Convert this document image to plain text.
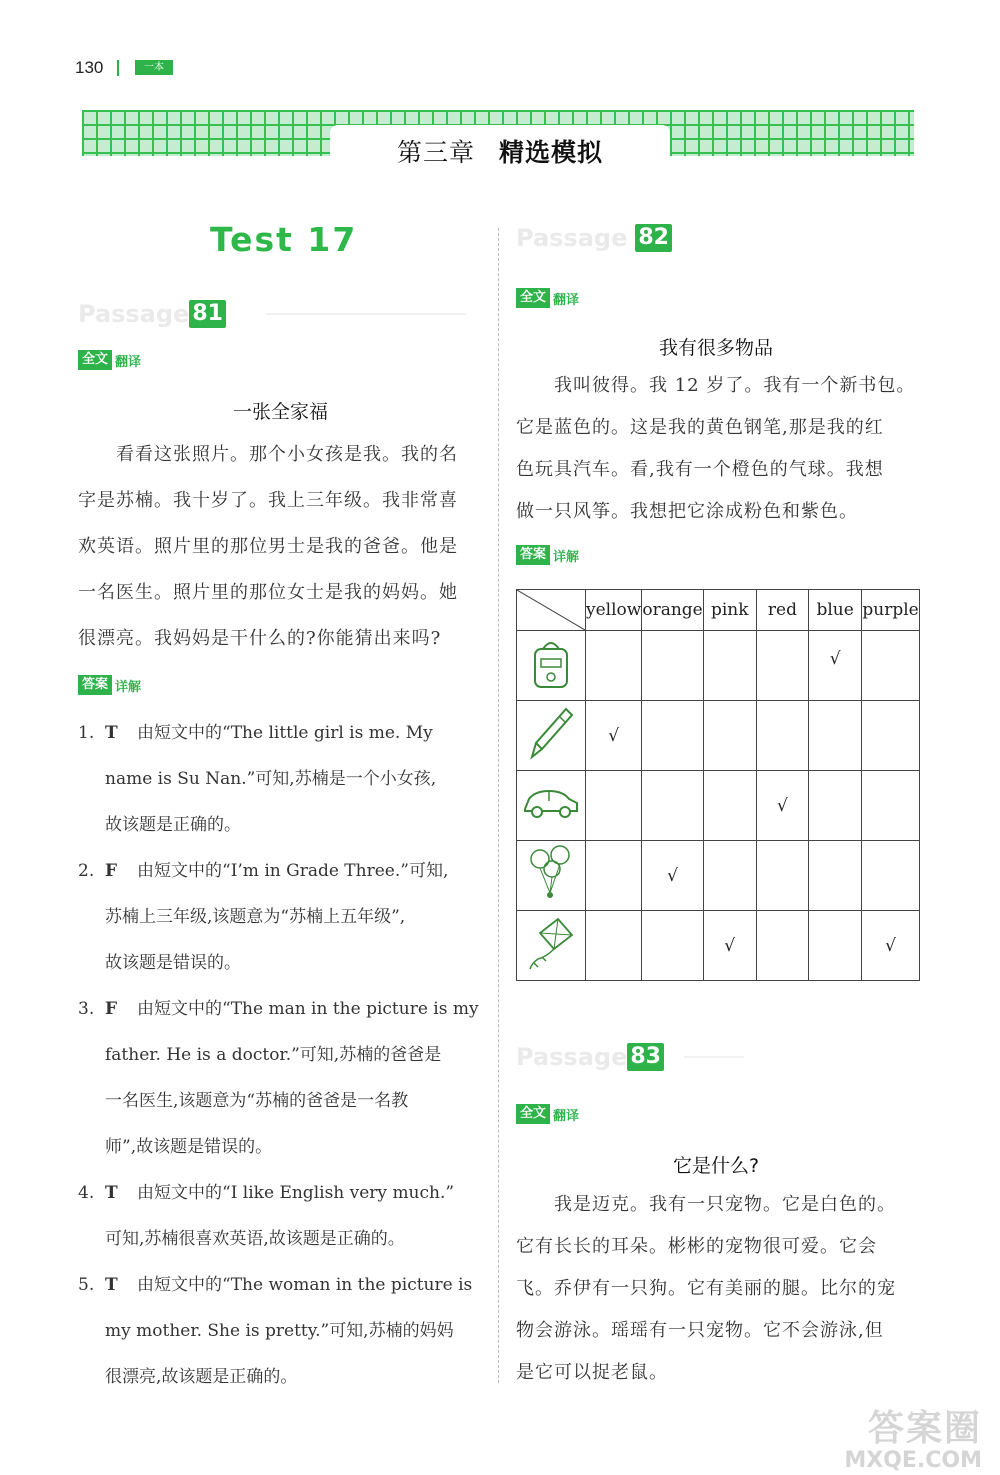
130	一本
第三章 精选模拟
Test 17
Passage 81
全文 翻译
一张全家福
看看这张照片。那个小女孩是我。我的名
字是苏楠。我十岁了。我上三年级。我非常喜
欢英语。照片里的那位男士是我的爸爸。他是
一名医生。照片里的那位女士是我的妈妈。她
很漂亮。我妈妈是干什么的?你能猜出来吗?
答案 详解
1. T 由短文中的“The little girl is me. My
name is Su Nan.”可知,苏楠是一个小女孩,
故该题是正确的。
2. F 由短文中的“I’m in Grade Three.”可知,
苏楠上三年级,该题意为“苏楠上五年级”,
故该题是错误的。
3. F 由短文中的“The man in the picture is my
father. He is a doctor.”可知,苏楠的爸爸是
一名医生,该题意为“苏楠的爸爸是一名教
师”,故该题是错误的。
4. T 由短文中的“I like English very much.”
可知,苏楠很喜欢英语,故该题是正确的。
5. T 由短文中的“The woman in the picture is
my mother. She is pretty.”可知,苏楠的妈妈
很漂亮,故该题是正确的。
Passage 82
全文 翻译
我有很多物品
我叫彼得。我 12 岁了。我有一个新书包。
它是蓝色的。这是我的黄色钢笔,那是我的红
色玩具汽车。看,我有一个橙色的气球。我想
做一只风筝。我想把它涂成粉色和紫色。
答案 详解
	yellow	orange	pink	red	blue	purple
					√	
	√					
				√		
		√				
			√			√
Passage 83
全文 翻译
它是什么?
我是迈克。我有一只宠物。它是白色的。
它有长长的耳朵。彬彬的宠物很可爱。它会
飞。乔伊有一只狗。它有美丽的腿。比尔的宠
物会游泳。瑶瑶有一只宠物。它不会游泳,但
是它可以捉老鼠。
答案圈
MXQE.COM
